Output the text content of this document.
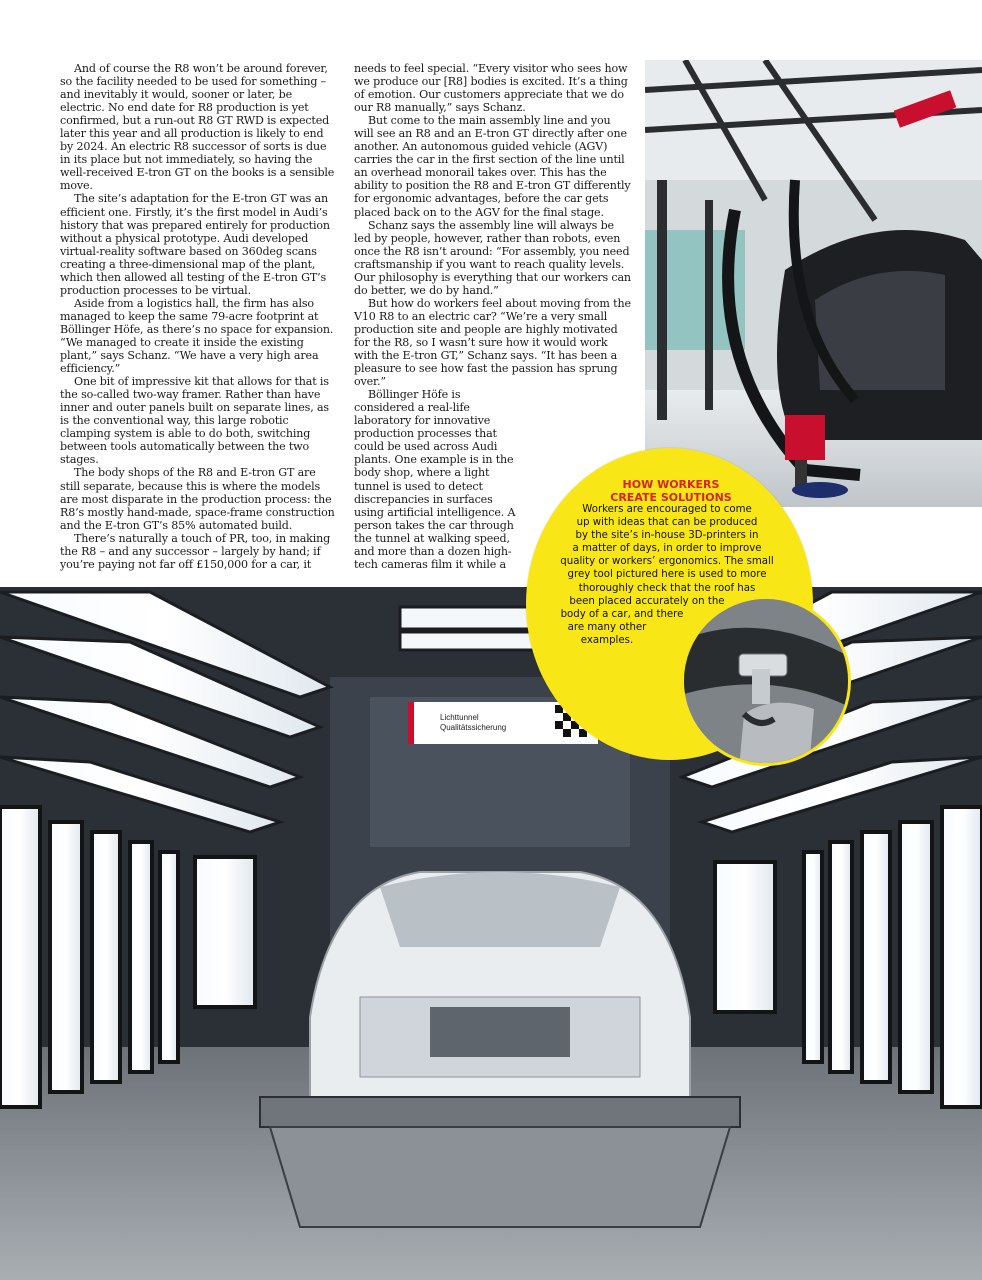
And of course the R8 won’t be around forever, so the facility needed to be used for something – and inevitably it would, sooner or later, be electric. No end date for R8 production is yet confirmed, but a run-out R8 GT RWD is expected later this year and all production is likely to end by 2024. An electric R8 successor of sorts is due in its place but not immediately, so having the well-received E-tron GT on the books is a sensible move.

The site’s adaptation for the E-tron GT was an efficient one. Firstly, it’s the first model in Audi’s history that was prepared entirely for production without a physical prototype. Audi developed virtual-reality software based on 360deg scans creating a three-dimensional map of the plant, which then allowed all testing of the E-tron GT’s production processes to be virtual.

Aside from a logistics hall, the firm has also managed to keep the same 79-acre footprint at Böllinger Höfe, as there’s no space for expansion. “We managed to create it inside the existing plant,” says Schanz. “We have a very high area efficiency.”

One bit of impressive kit that allows for that is the so-called two-way framer. Rather than have inner and outer panels built on separate lines, as is the conventional way, this large robotic clamping system is able to do both, switching between tools automatically between the two stages.

The body shops of the R8 and E-tron GT are still separate, because this is where the models are most disparate in the production process: the R8’s mostly hand-made, space-frame construction and the E-tron GT’s 85% automated build.

There’s naturally a touch of PR, too, in making the R8 – and any successor – largely by hand; if you’re paying not far off £150,000 for a car, it

needs to feel special. “Every visitor who sees how we produce our [R8] bodies is excited. It’s a thing of emotion. Our customers appreciate that we do our R8 manually,” says Schanz.

But come to the main assembly line and you will see an R8 and an E-tron GT directly after one another. An autonomous guided vehicle (AGV) carries the car in the first section of the line until an overhead monorail takes over. This has the ability to position the R8 and E-tron GT differently for ergonomic advantages, before the car gets placed back on to the AGV for the final stage.

Schanz says the assembly line will always be led by people, however, rather than robots, even once the R8 isn’t around: “For assembly, you need craftsmanship if you want to reach quality levels. Our philosophy is everything that our workers can do better, we do by hand.”

But how do workers feel about moving from the V10 R8 to an electric car? “We’re a very small production site and people are highly motivated for the R8, so I wasn’t sure how it would work with the E-tron GT,” Schanz says. “It has been a pleasure to see how fast the passion has sprung over.”

Böllinger Höfe is considered a real-life laboratory for innovative production processes that could be used across Audi plants. One example is in the body shop, where a light tunnel is used to detect discrepancies in surfaces using artificial intelligence. A person takes the car through the tunnel at walking speed, and more than a dozen high-tech cameras film it while a

Lichttunnel
Qualitätssicherung
HOW WORKERS
CREATE SOLUTIONS
Workers are encouraged to come
up with ideas that can be produced
by the site’s in-house 3D-printers in
a matter of days, in order to improve
quality or workers’ ergonomics. The small
grey tool pictured here is used to more
thoroughly check that the roof has
been placed accurately on the
body of a car, and there
are many other
examples.
